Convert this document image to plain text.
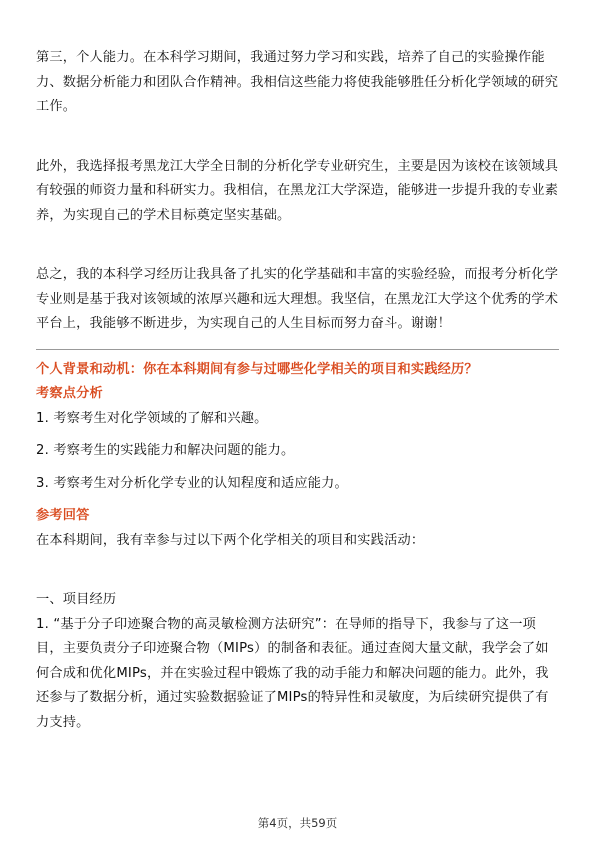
第三，个人能力。在本科学习期间，我通过努力学习和实践，培养了自己的实验操作能力、数据分析能力和团队合作精神。我相信这些能力将使我能够胜任分析化学领域的研究工作。

此外，我选择报考黑龙江大学全日制的分析化学专业研究生，主要是因为该校在该领域具有较强的师资力量和科研实力。我相信，在黑龙江大学深造，能够进一步提升我的专业素养，为实现自己的学术目标奠定坚实基础。

总之，我的本科学习经历让我具备了扎实的化学基础和丰富的实验经验，而报考分析化学专业则是基于我对该领域的浓厚兴趣和远大理想。我坚信，在黑龙江大学这个优秀的学术平台上，我能够不断进步，为实现自己的人生目标而努力奋斗。谢谢！

个人背景和动机：你在本科期间有参与过哪些化学相关的项目和实践经历？

考察点分析

1. 考察考生对化学领域的了解和兴趣。

2. 考察考生的实践能力和解决问题的能力。

3. 考察考生对分析化学专业的认知程度和适应能力。

参考回答

在本科期间，我有幸参与过以下两个化学相关的项目和实践活动：

一、项目经历

1. “基于分子印迹聚合物的高灵敏检测方法研究”：在导师的指导下，我参与了这一项目，主要负责分子印迹聚合物（MIPs）的制备和表征。通过查阅大量文献，我学会了如何合成和优化MIPs，并在实验过程中锻炼了我的动手能力和解决问题的能力。此外，我还参与了数据分析，通过实验数据验证了MIPs的特异性和灵敏度，为后续研究提供了有力支持。

第4页，共59页
